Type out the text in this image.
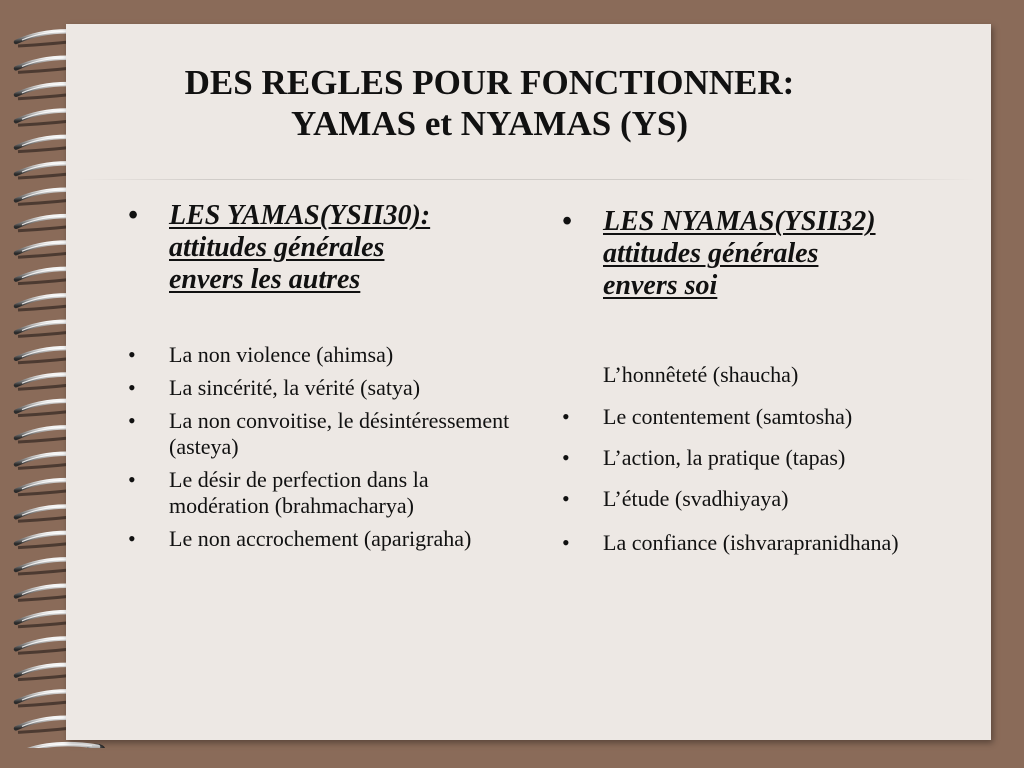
DES REGLES POUR FONCTIONNER:
YAMAS et NYAMAS (YS)
• LES YAMAS(YSII30):
attitudes générales
envers les autres
• La non violence (ahimsa)
• La sincérité, la vérité (satya)
• La non convoitise, le désintéressement (asteya)
• Le désir de perfection dans la modération (brahmacharya)
• Le non accrochement (aparigraha)
• LES NYAMAS(YSII32)
attitudes générales
envers soi
L’honnêteté (shaucha)
• Le contentement (samtosha)
• L’action, la pratique (tapas)
• L’étude (svadhiyaya)
• La confiance (ishvarapranidhana)
